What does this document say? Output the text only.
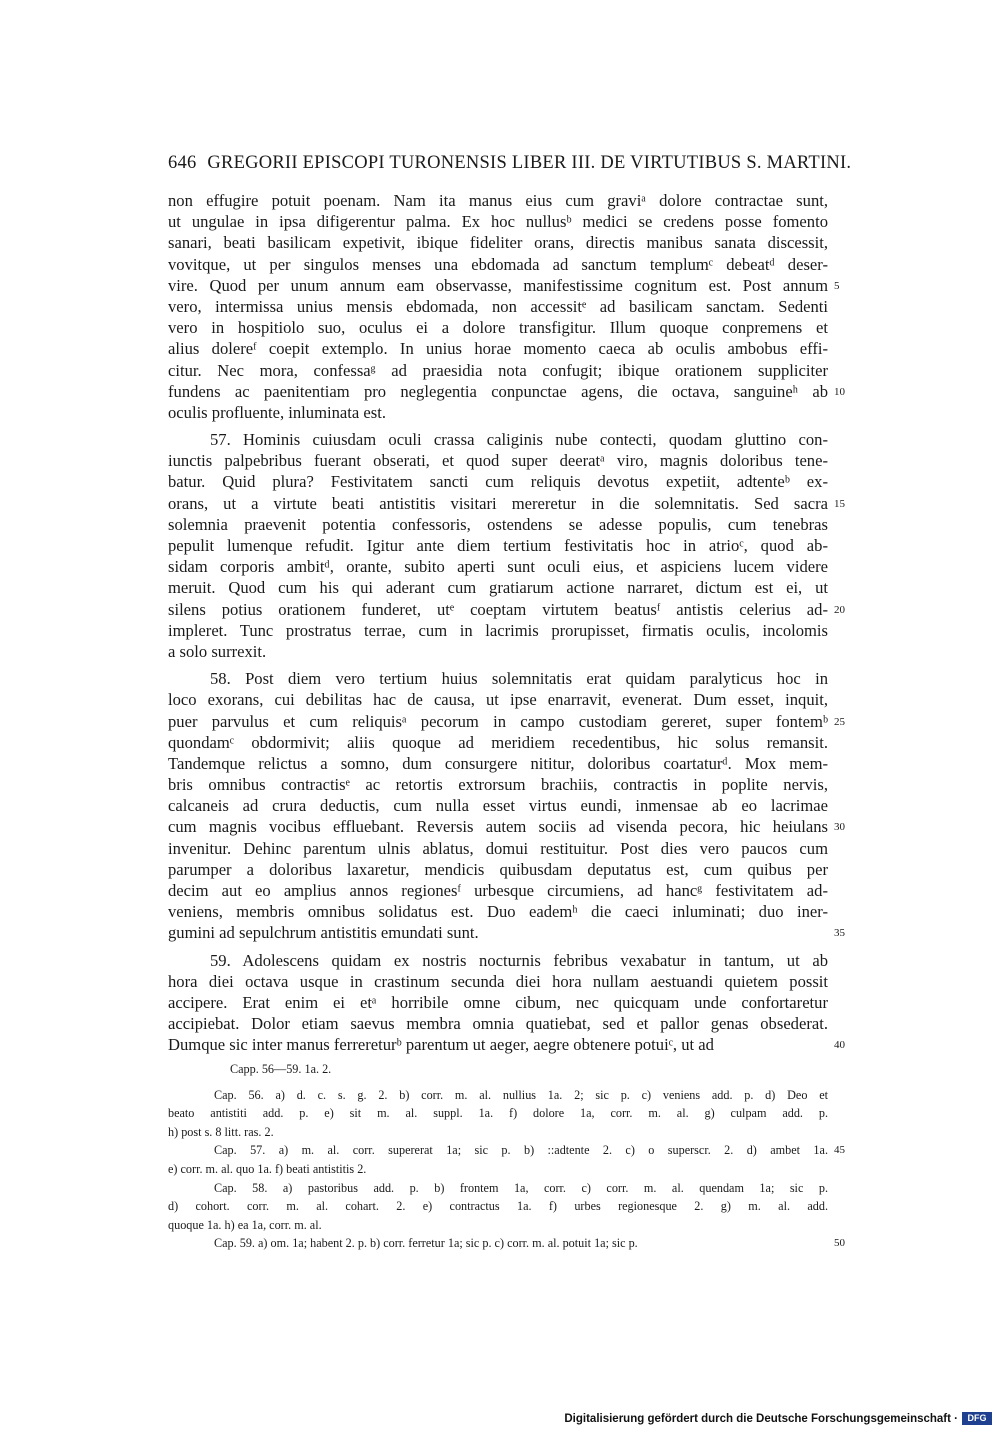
646 GREGORII EPISCOPI TURONENSIS LIBER III. DE VIRTUTIBUS S. MARTINI.
non effugire potuit poenam. Nam ita manus eius cum graviᵃ dolore contractae sunt,
ut ungulae in ipsa difigerentur palma. Ex hoc nullusᵇ medici se credens posse fomento
sanari, beati basilicam expetivit, ibique fideliter orans, directis manibus sanata discessit,
vovitque, ut per singulos menses una ebdomada ad sanctum templumᶜ debeatᵈ deser-
vire. Quod per unum annum eam observasse, manifestissime cognitum est. Post annum 5
vero, intermissa unius mensis ebdomada, non accessitᵉ ad basilicam sanctam. Sedenti
vero in hospitiolo suo, oculus ei a dolore transfigitur. Illum quoque conpremens et
alius dolereᶠ coepit extemplo. In unius horae momento caeca ab oculis ambobus effi-
citur. Nec mora, confessaᵍ ad praesidia nota confugit; ibique orationem suppliciter
fundens ac paenitentiam pro neglegentia conpunctae agens, die octava, sanguineʰ ab 10
oculis profluente, inluminata est.
57. Hominis cuiusdam oculi crassa caliginis nube contecti, quodam gluttino con-
iunctis palpebribus fuerant obserati, et quod super deeratᵃ viro, magnis doloribus tene-
batur. Quid plura? Festivitatem sancti cum reliquis devotus expetiit, adtenteᵇ ex-
orans, ut a virtute beati antistitis visitari mereretur in die solemnitatis. Sed sacra 15
solemnia praevenit potentia confessoris, ostendens se adesse populis, cum tenebras
pepulit lumenque refudit. Igitur ante diem tertium festivitatis hoc in atrioᶜ, quod ab-
sidam corporis ambitᵈ, orante, subito aperti sunt oculi eius, et aspiciens lucem videre
meruit. Quod cum his qui aderant cum gratiarum actione narraret, dictum est ei, ut
silens potius orationem funderet, utᵉ coeptam virtutem beatusᶠ antistis celerius ad- 20
impleret. Tunc prostratus terrae, cum in lacrimis prorupisset, firmatis oculis, incolomis
a solo surrexit.
58. Post diem vero tertium huius solemnitatis erat quidam paralyticus hoc in
loco exorans, cui debilitas hac de causa, ut ipse enarravit, evenerat. Dum esset, inquit,
puer parvulus et cum reliquisᵃ pecorum in campo custodiam gereret, super fontemᵇ 25
quondamᶜ obdormivit; aliis quoque ad meridiem recedentibus, hic solus remansit.
Tandemque relictus a somno, dum consurgere nititur, doloribus coartaturᵈ. Mox mem-
bris omnibus contractisᵉ ac retortis extrorsum brachiis, contractis in poplite nervis,
calcaneis ad crura deductis, cum nulla esset virtus eundi, inmensae ab eo lacrimae
cum magnis vocibus effluebant. Reversis autem sociis ad visenda pecora, hic heiulans 30
invenitur. Dehinc parentum ulnis ablatus, domui restituitur. Post dies vero paucos cum
parumper a doloribus laxaretur, mendicis quibusdam deputatus est, cum quibus per
decim aut eo amplius annos regionesᶠ urbesque circumiens, ad hancᵍ festivitatem ad-
veniens, membris omnibus solidatus est. Duo eademʰ die caeci inluminati; duo iner-
gumini ad sepulchrum antistitis emundati sunt.	35
59. Adolescens quidam ex nostris nocturnis febribus vexabatur in tantum, ut ab
hora diei octava usque in crastinum secunda diei hora nullam aestuandi quietem possit
accipere. Erat enim ei etᵃ horribile omne cibum, nec quicquam unde confortaretur
accipiebat. Dolor etiam saevus membra omnia quatiebat, sed et pallor genas obsederat.
Dumque sic inter manus ferrereturᵇ parentum ut aeger, aegre obtenere potuiᶜ, ut ad	40
Capp. 56—59. 1a. 2.
Cap. 56. a) d. c. s. g. 2. b) corr. m. al. nullius 1a. 2; sic p. c) veniens add. p. d) Deo et
beato antistiti add. p. e) sit m. al. suppl. 1a. f) dolore 1a, corr. m. al. g) culpam add. p.
h) post s. 8 litt. ras. 2.
Cap. 57. a) m. al. corr. supererat 1a; sic p. b) ::adtente 2. c) o superscr. 2. d) ambet 1a. 45
e) corr. m. al. quo 1a. f) beati antistitis 2.
Cap. 58. a) pastoribus add. p. b) frontem 1a, corr. c) corr. m. al. quendam 1a; sic p.
d) cohort. corr. m. al. cohart. 2. e) contractus 1a. f) urbes regionesque 2. g) m. al. add.
quoque 1a. h) ea 1a, corr. m. al.
Cap. 59. a) om. 1a; habent 2. p. b) corr. ferretur 1a; sic p. c) corr. m. al. potuit 1a; sic p.	50
Digitalisierung gefördert durch die Deutsche Forschungsgemeinschaft ·	DFG
